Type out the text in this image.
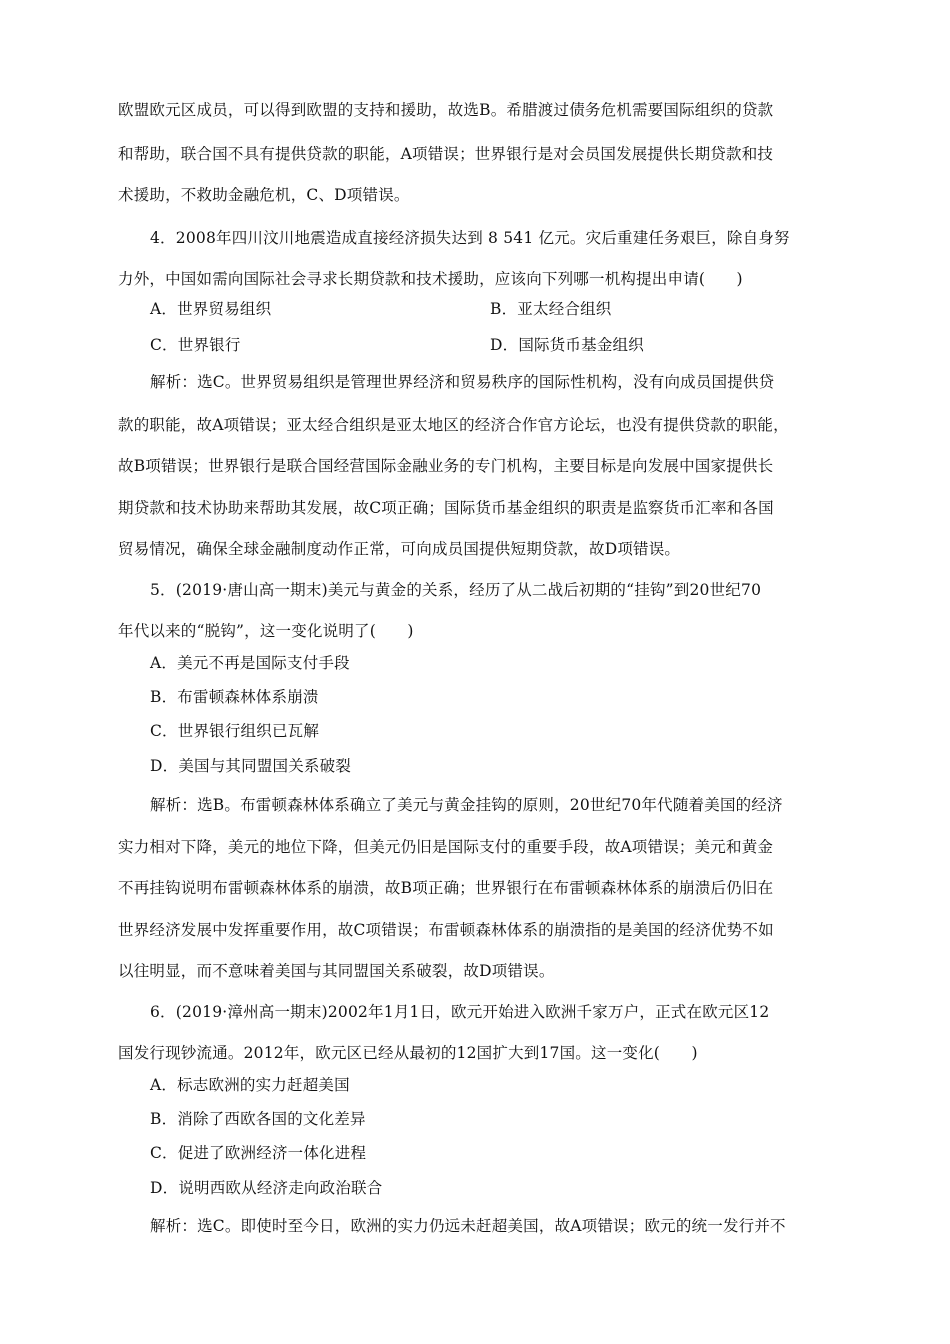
欧盟欧元区成员，可以得到欧盟的支持和援助，故选B。希腊渡过债务危机需要国际组织的贷款
和帮助，联合国不具有提供贷款的职能，A项错误；世界银行是对会员国发展提供长期贷款和技
术援助，不救助金融危机，C、D项错误。
4．2008年四川汶川地震造成直接经济损失达到 8 541 亿元。灾后重建任务艰巨，除自身努
力外，中国如需向国际社会寻求长期贷款和技术援助，应该向下列哪一机构提出申请(　　)
A．世界贸易组织	B．亚太经合组织
C．世界银行	D．国际货币基金组织
解析：选C。世界贸易组织是管理世界经济和贸易秩序的国际性机构，没有向成员国提供贷
款的职能，故A项错误；亚太经合组织是亚太地区的经济合作官方论坛，也没有提供贷款的职能，
故B项错误；世界银行是联合国经营国际金融业务的专门机构，主要目标是向发展中国家提供长
期贷款和技术协助来帮助其发展，故C项正确；国际货币基金组织的职责是监察货币汇率和各国
贸易情况，确保全球金融制度动作正常，可向成员国提供短期贷款，故D项错误。
5．(2019·唐山高一期末)美元与黄金的关系，经历了从二战后初期的“挂钩”到20世纪70
年代以来的“脱钩”，这一变化说明了(　　)
A．美元不再是国际支付手段
B．布雷顿森林体系崩溃
C．世界银行组织已瓦解
D．美国与其同盟国关系破裂
解析：选B。布雷顿森林体系确立了美元与黄金挂钩的原则，20世纪70年代随着美国的经济
实力相对下降，美元的地位下降，但美元仍旧是国际支付的重要手段，故A项错误；美元和黄金
不再挂钩说明布雷顿森林体系的崩溃，故B项正确；世界银行在布雷顿森林体系的崩溃后仍旧在
世界经济发展中发挥重要作用，故C项错误；布雷顿森林体系的崩溃指的是美国的经济优势不如
以往明显，而不意味着美国与其同盟国关系破裂，故D项错误。
6．(2019·漳州高一期末)2002年1月1日，欧元开始进入欧洲千家万户，正式在欧元区12
国发行现钞流通。2012年，欧元区已经从最初的12国扩大到17国。这一变化(　　)
A．标志欧洲的实力赶超美国
B．消除了西欧各国的文化差异
C．促进了欧洲经济一体化进程
D．说明西欧从经济走向政治联合
解析：选C。即使时至今日，欧洲的实力仍远未赶超美国，故A项错误；欧元的统一发行并不
